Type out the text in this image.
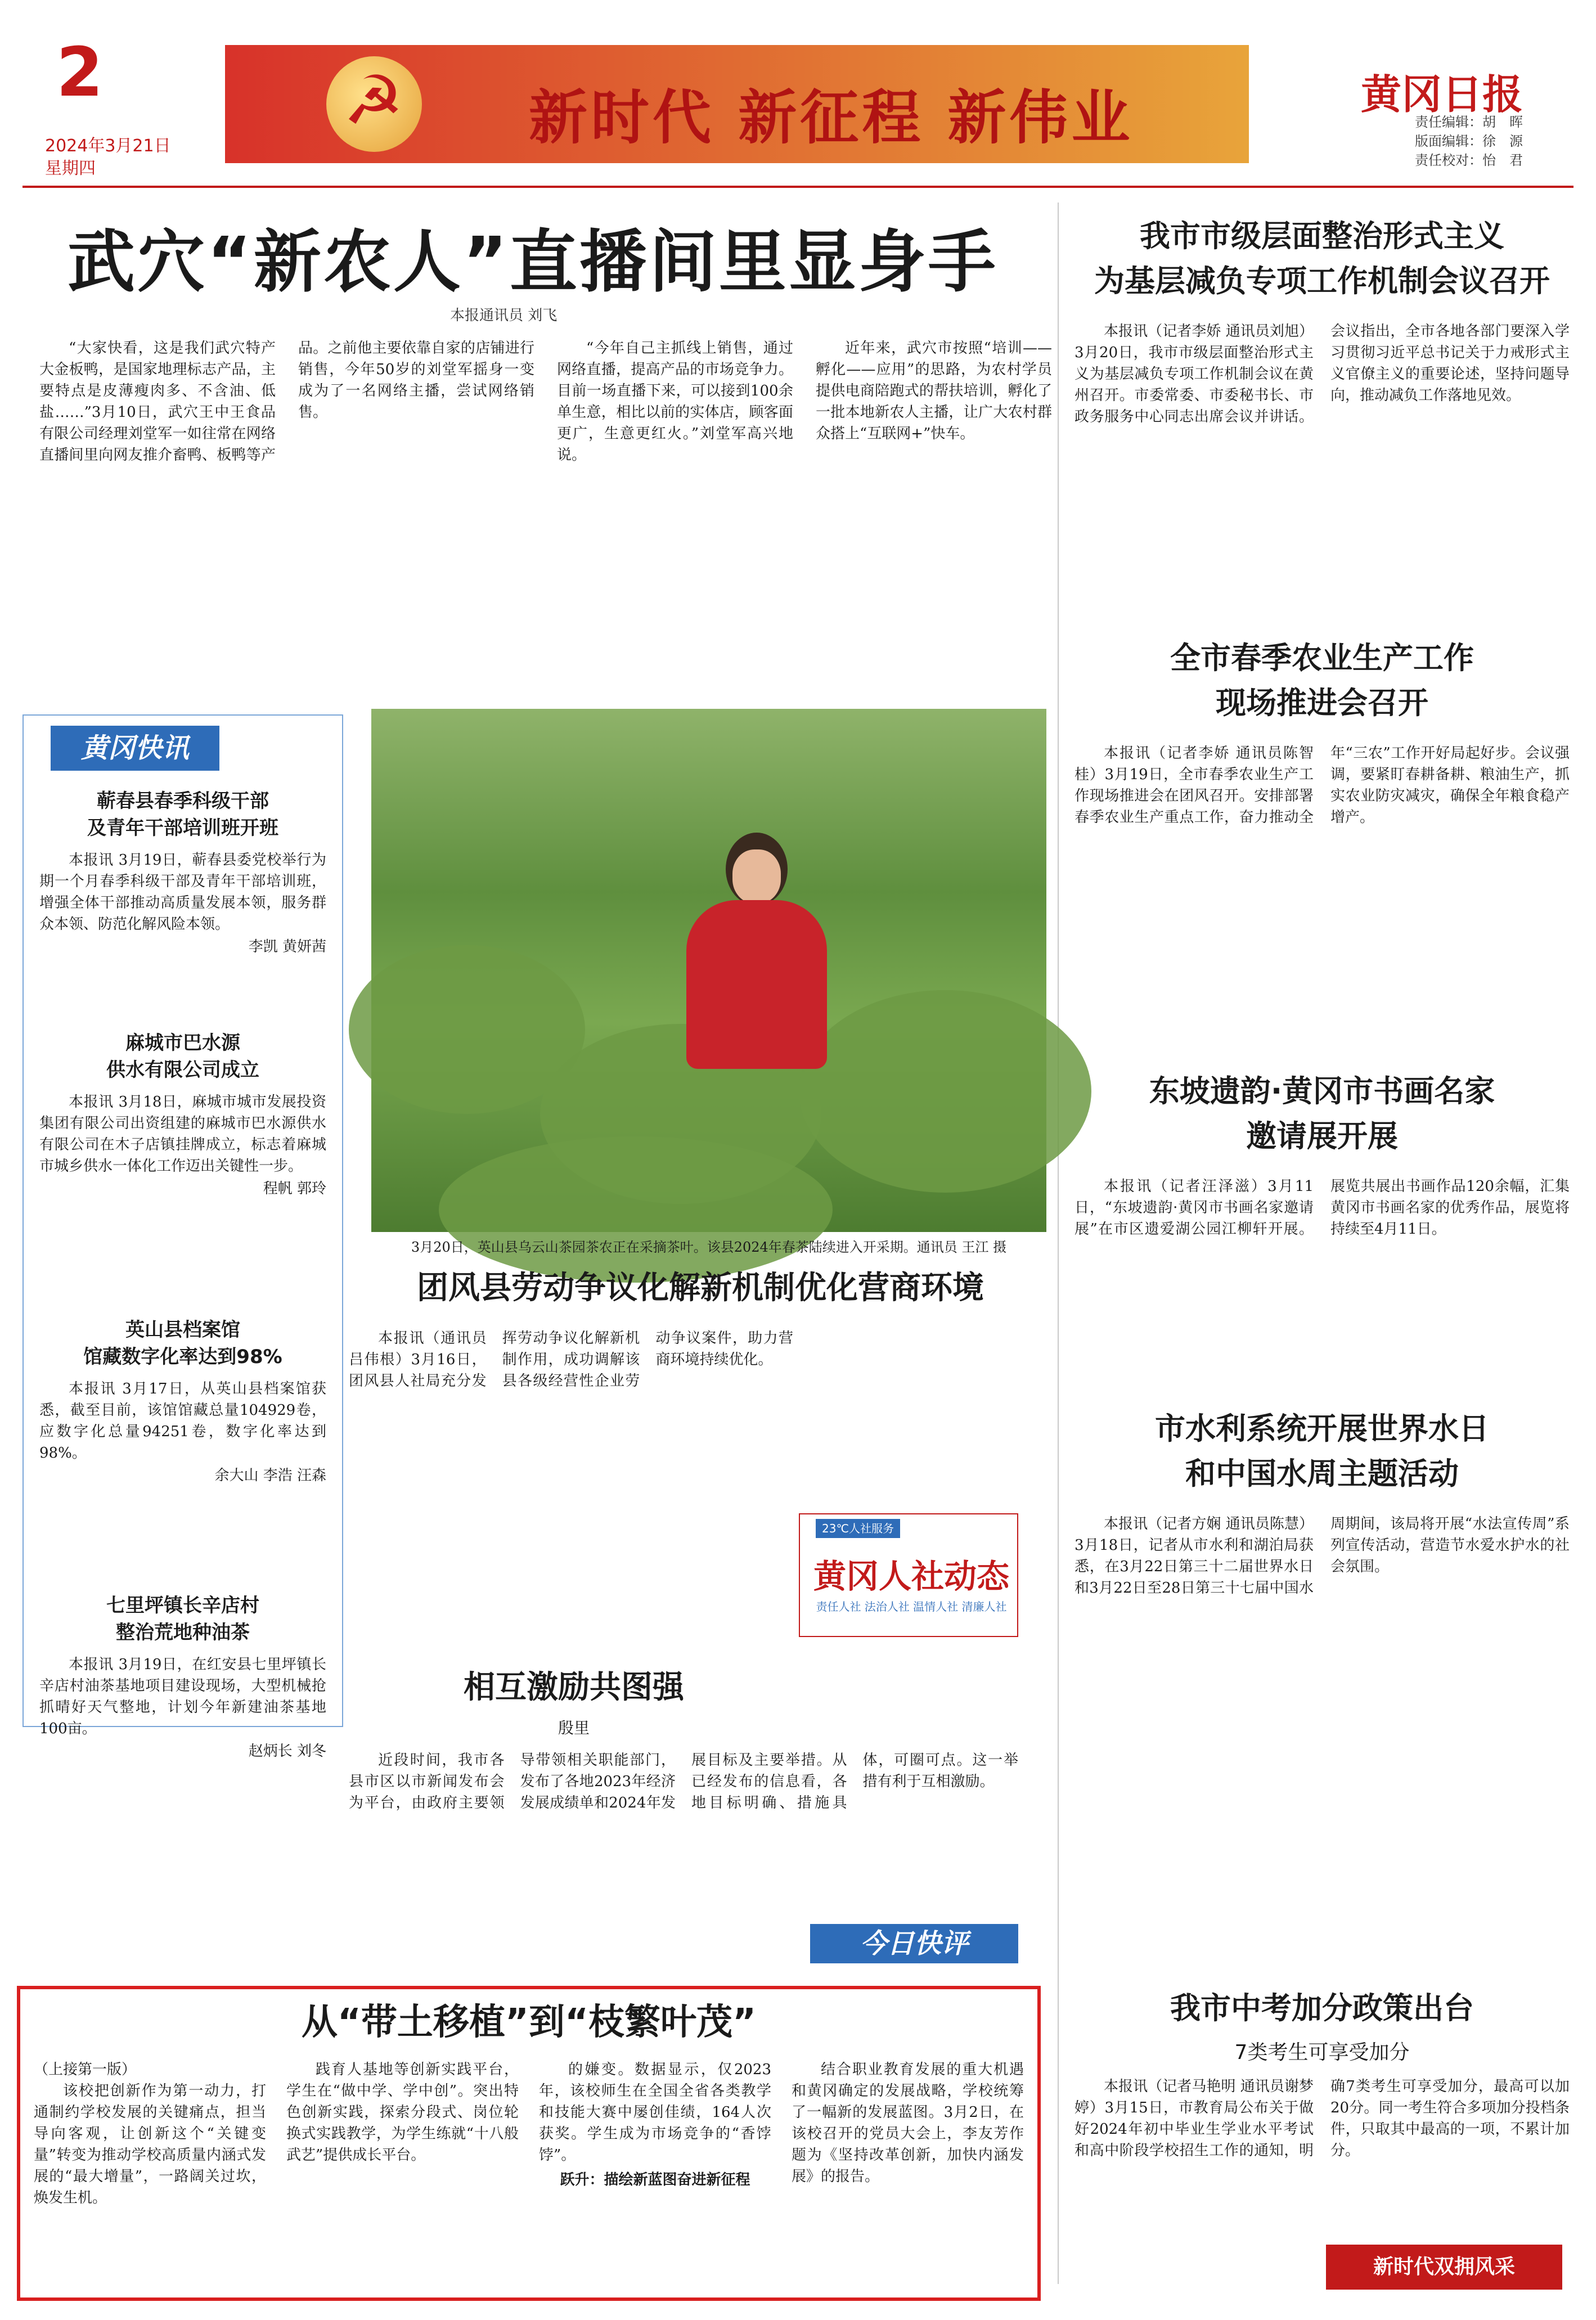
2
2024年3月21日
星期四
☭
新时代 新征程 新伟业	黄冈日报
责任编辑：胡　晖
版面编辑：徐　源
责任校对：怡　君
武穴“新农人”直播间里显身手
本报通讯员 刘飞

“大家快看，这是我们武穴特产大金板鸭，是国家地理标志产品，主要特点是皮薄瘦肉多、不含油、低盐……”3月10日，武穴王中王食品有限公司经理刘堂军一如往常在网络直播间里向网友推介畜鸭、板鸭等产品。之前他主要依靠自家的店铺进行销售，今年50岁的刘堂军摇身一变成为了一名网络主播，尝试网络销售。

“今年自己主抓线上销售，通过网络直播，提高产品的市场竞争力。目前一场直播下来，可以接到100余单生意，相比以前的实体店，顾客面更广，生意更红火。”刘堂军高兴地说。

近年来，武穴市按照“培训——孵化——应用”的思路，为农村学员提供电商陪跑式的帮扶培训，孵化了一批本地新农人主播，让广大农村群众搭上“互联网+”快车。

我市市级层面整治形式主义
为基层减负专项工作机制会议召开

本报讯（记者李娇 通讯员刘旭）3月20日，我市市级层面整治形式主义为基层减负专项工作机制会议在黄州召开。市委常委、市委秘书长、市政务服务中心同志出席会议并讲话。会议指出，全市各地各部门要深入学习贯彻习近平总书记关于力戒形式主义官僚主义的重要论述，坚持问题导向，推动减负工作落地见效。

全市春季农业生产工作
现场推进会召开

本报讯（记者李娇 通讯员陈智桂）3月19日，全市春季农业生产工作现场推进会在团风召开。安排部署春季农业生产重点工作，奋力推动全年“三农”工作开好局起好步。会议强调，要紧盯春耕备耕、粮油生产，抓实农业防灾减灾，确保全年粮食稳产增产。

东坡遗韵·黄冈市书画名家
邀请展开展

本报讯（记者汪泽滋）3月11日，“东坡遗韵·黄冈市书画名家邀请展”在市区遗爱湖公园江柳轩开展。展览共展出书画作品120余幅，汇集黄冈市书画名家的优秀作品，展览将持续至4月11日。

市水利系统开展世界水日
和中国水周主题活动

本报讯（记者方娴 通讯员陈慧）3月18日，记者从市水利和湖泊局获悉，在3月22日第三十二届世界水日和3月22日至28日第三十七届中国水周期间，该局将开展“水法宣传周”系列宣传活动，营造节水爱水护水的社会氛围。

我市中考加分政策出台
7类考生可享受加分

本报讯（记者马艳明 通讯员谢梦婷）3月15日，市教育局公布关于做好2024年初中毕业生学业水平考试和高中阶段学校招生工作的通知，明确7类考生可享受加分，最高可以加20分。同一考生符合多项加分投档条件，只取其中最高的一项，不累计加分。

黄冈快讯
蕲春县春季科级干部
及青年干部培训班开班

本报讯 3月19日，蕲春县委党校举行为期一个月春季科级干部及青年干部培训班，增强全体干部推动高质量发展本领，服务群众本领、防范化解风险本领。

李凯 黄妍茜
麻城市巴水源
供水有限公司成立

本报讯 3月18日，麻城市城市发展投资集团有限公司出资组建的麻城市巴水源供水有限公司在木子店镇挂牌成立，标志着麻城市城乡供水一体化工作迈出关键性一步。

程帆 郭玲
英山县档案馆
馆藏数字化率达到98%

本报讯 3月17日，从英山县档案馆获悉，截至目前，该馆馆藏总量104929卷，应数字化总量94251卷，数字化率达到98%。

余大山 李浩 汪森
七里坪镇长辛店村
整治荒地种油茶

本报讯 3月19日，在红安县七里坪镇长辛店村油茶基地项目建设现场，大型机械抢抓晴好天气整地，计划今年新建油茶基地100亩。

赵炳长 刘冬
3月20日，英山县乌云山茶园茶农正在采摘茶叶。该县2024年春茶陆续进入开采期。通讯员 王江 摄
团风县劳动争议化解新机制优化营商环境

本报讯（通讯员吕伟根）3月16日，团风县人社局充分发挥劳动争议化解新机制作用，成功调解该县各级经营性企业劳动争议案件，助力营商环境持续优化。

23℃人社服务
黄冈人社动态
责任人社 法治人社 温情人社 清廉人社
相互激励共图强
殷里

近段时间，我市各县市区以市新闻发布会为平台，由政府主要领导带领相关职能部门，发布了各地2023年经济发展成绩单和2024年发展目标及主要举措。从已经发布的信息看，各地目标明确、措施具体，可圈可点。这一举措有利于互相激励。

今日快评
从“带土移植”到“枝繁叶茂”
（上接第一版）

该校把创新作为第一动力，打通制约学校发展的关键痛点，担当导向客观，让创新这个“关键变量”转变为推动学校高质量内涵式发展的“最大增量”，一路阔关过坎，焕发生机。

践育人基地等创新实践平台，学生在“做中学、学中创”。突出特色创新实践，探索分段式、岗位轮换式实践教学，为学生练就“十八般武艺”提供成长平台。

的嫌变。数据显示，仅2023年，该校师生在全国全省各类教学和技能大赛中屡创佳绩，164人次获奖。学生成为市场竞争的“香饽饽”。

跃升：描绘新蓝图奋进新征程

结合职业教育发展的重大机遇和黄冈确定的发展战略，学校统筹了一幅新的发展蓝图。3月2日，在该校召开的党员大会上，李友芳作题为《坚持改革创新，加快内涵发展》的报告。

新时代双拥风采
